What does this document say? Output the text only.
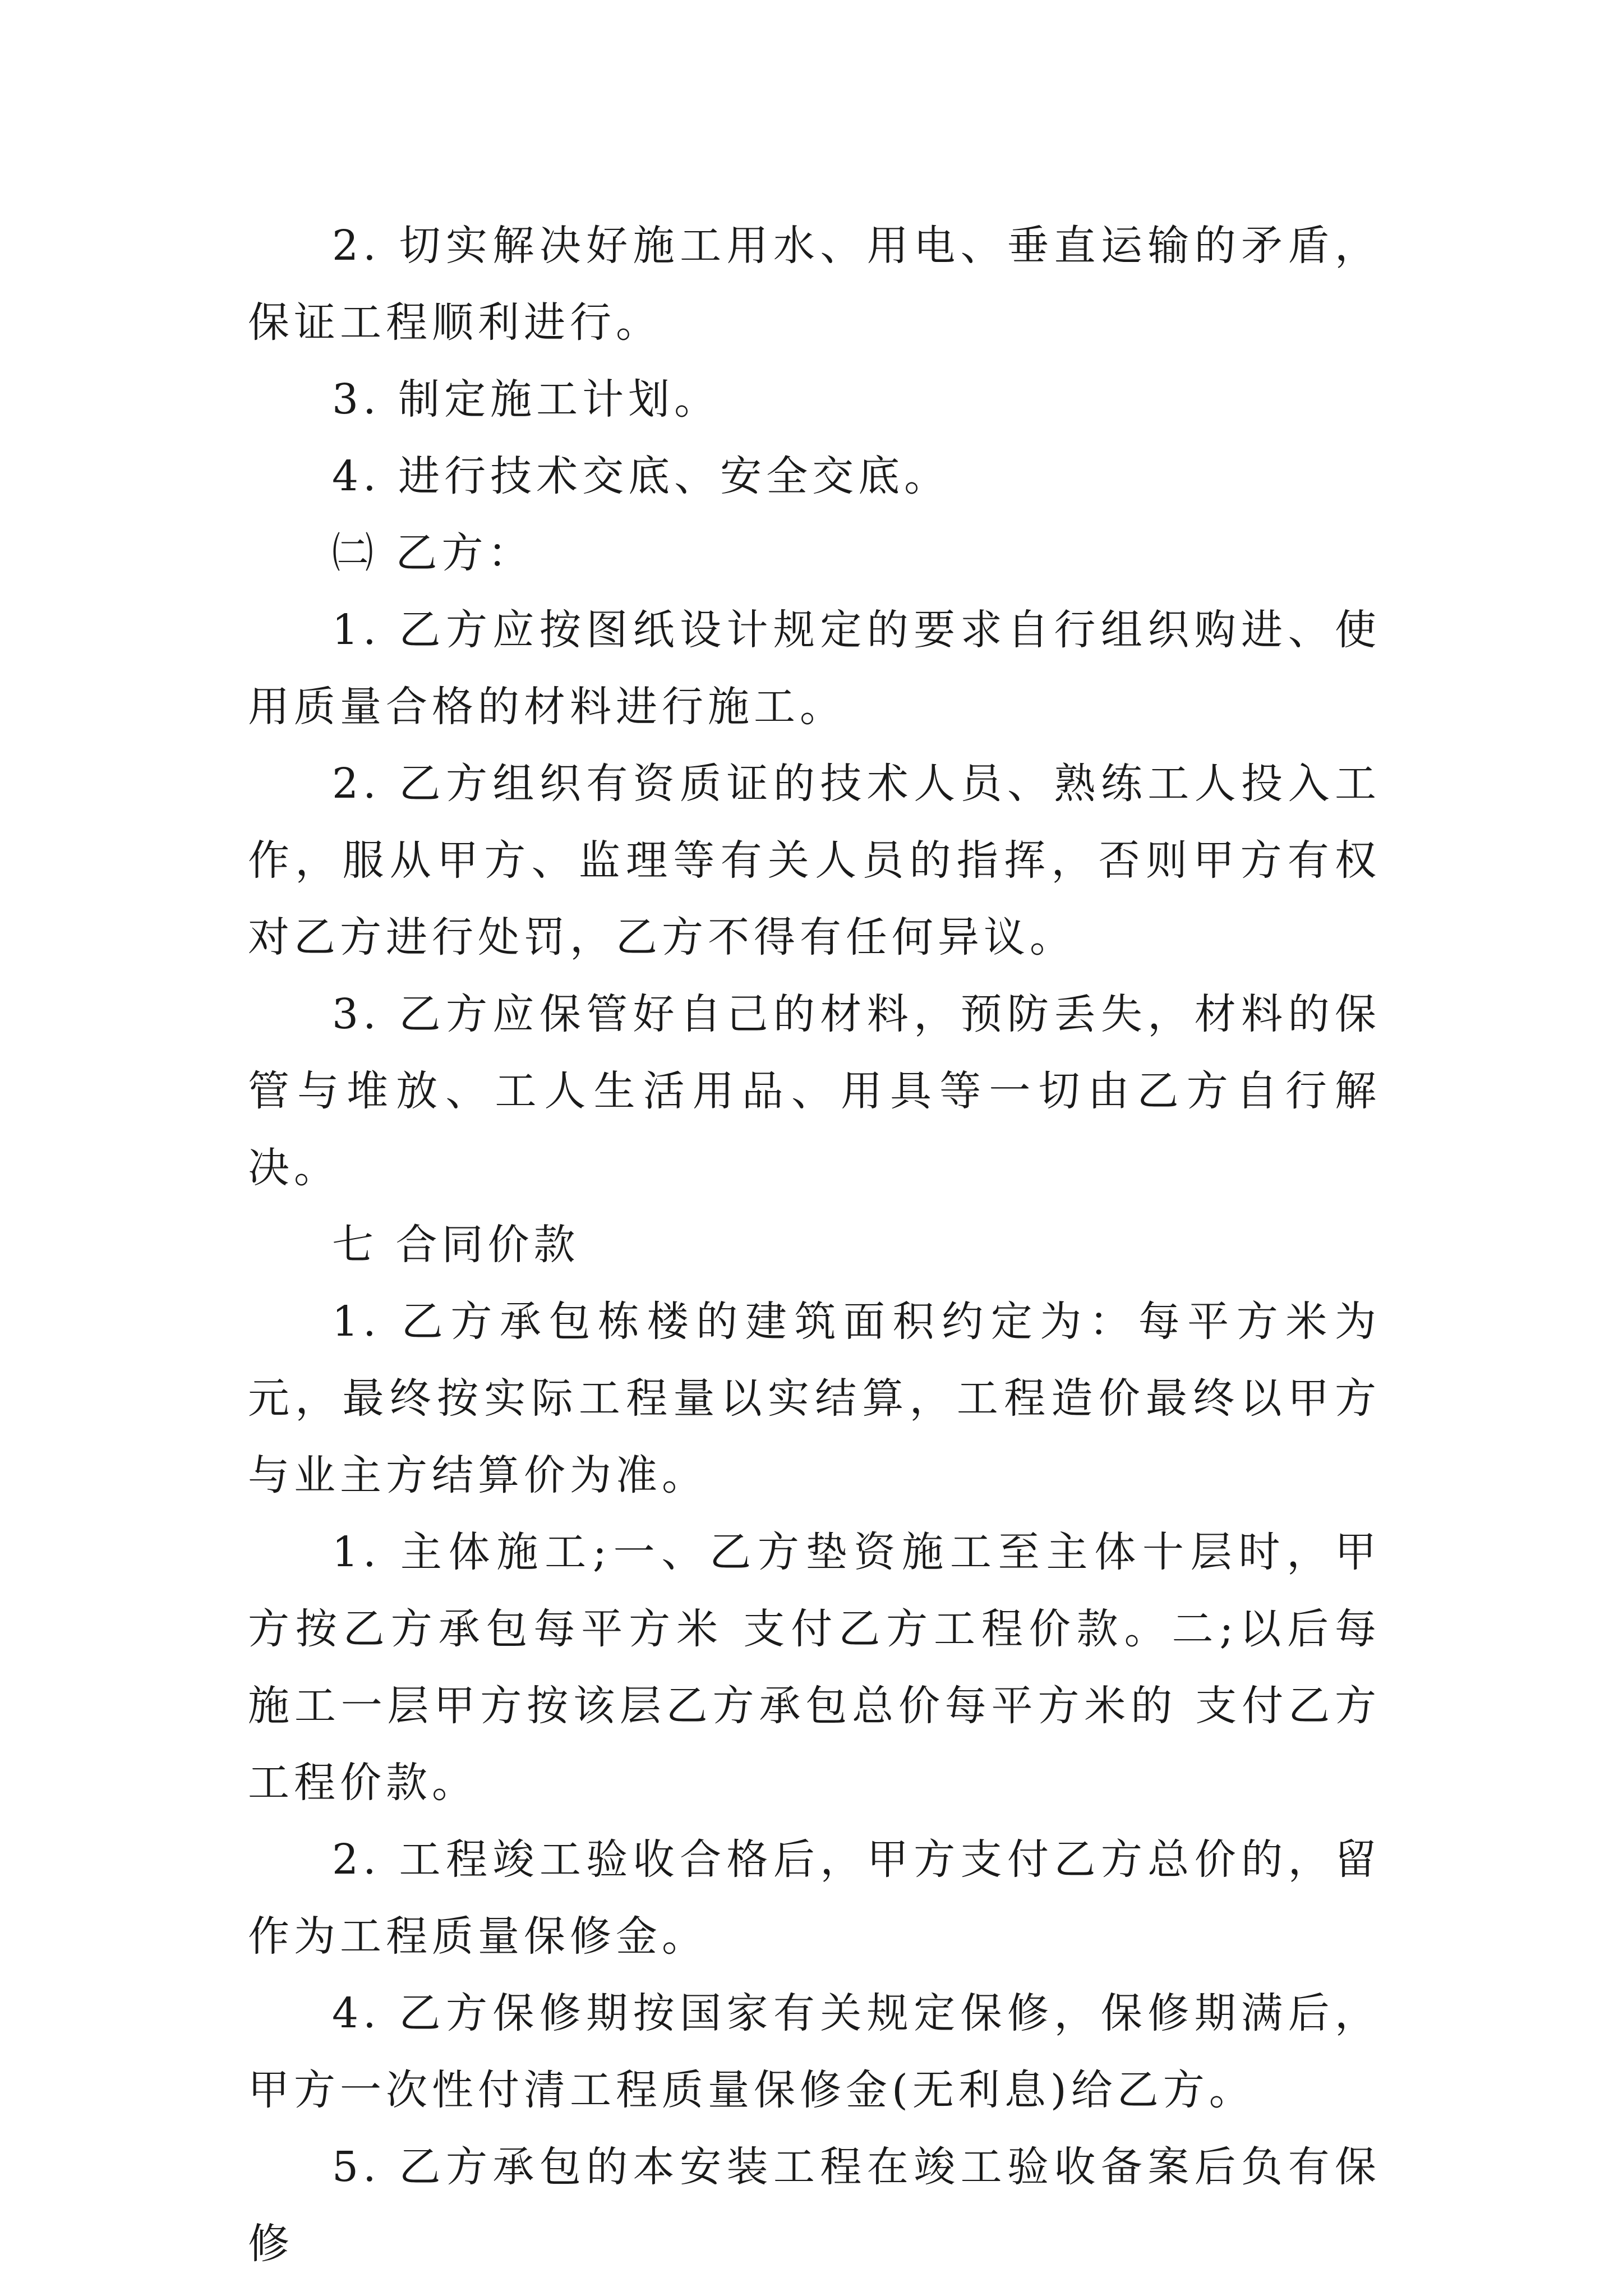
2. 切实解决好施工用水、用电、垂直运输的矛盾，保证工程顺利进行。

3. 制定施工计划。

4. 进行技术交底、安全交底。

㈡ 乙方：

1. 乙方应按图纸设计规定的要求自行组织购进、使用质量合格的材料进行施工。

2. 乙方组织有资质证的技术人员、熟练工人投入工作，服从甲方、监理等有关人员的指挥，否则甲方有权对乙方进行处罚，乙方不得有任何异议。

3. 乙方应保管好自己的材料，预防丢失，材料的保管与堆放、工人生活用品、用具等一切由乙方自行解决。

七 合同价款

1. 乙方承包栋楼的建筑面积约定为：每平方米为 元，最终按实际工程量以实结算，工程造价最终以甲方与业主方结算价为准。

1. 主体施工;一、乙方垫资施工至主体十层时，甲方按乙方承包每平方米 支付乙方工程价款。二;以后每施工一层甲方按该层乙方承包总价每平方米的 支付乙方工程价款。

2. 工程竣工验收合格后，甲方支付乙方总价的，留作为工程质量保修金。

4. 乙方保修期按国家有关规定保修，保修期满后，甲方一次性付清工程质量保修金(无利息)给乙方。

5. 乙方承包的本安装工程在竣工验收备案后负有保修
